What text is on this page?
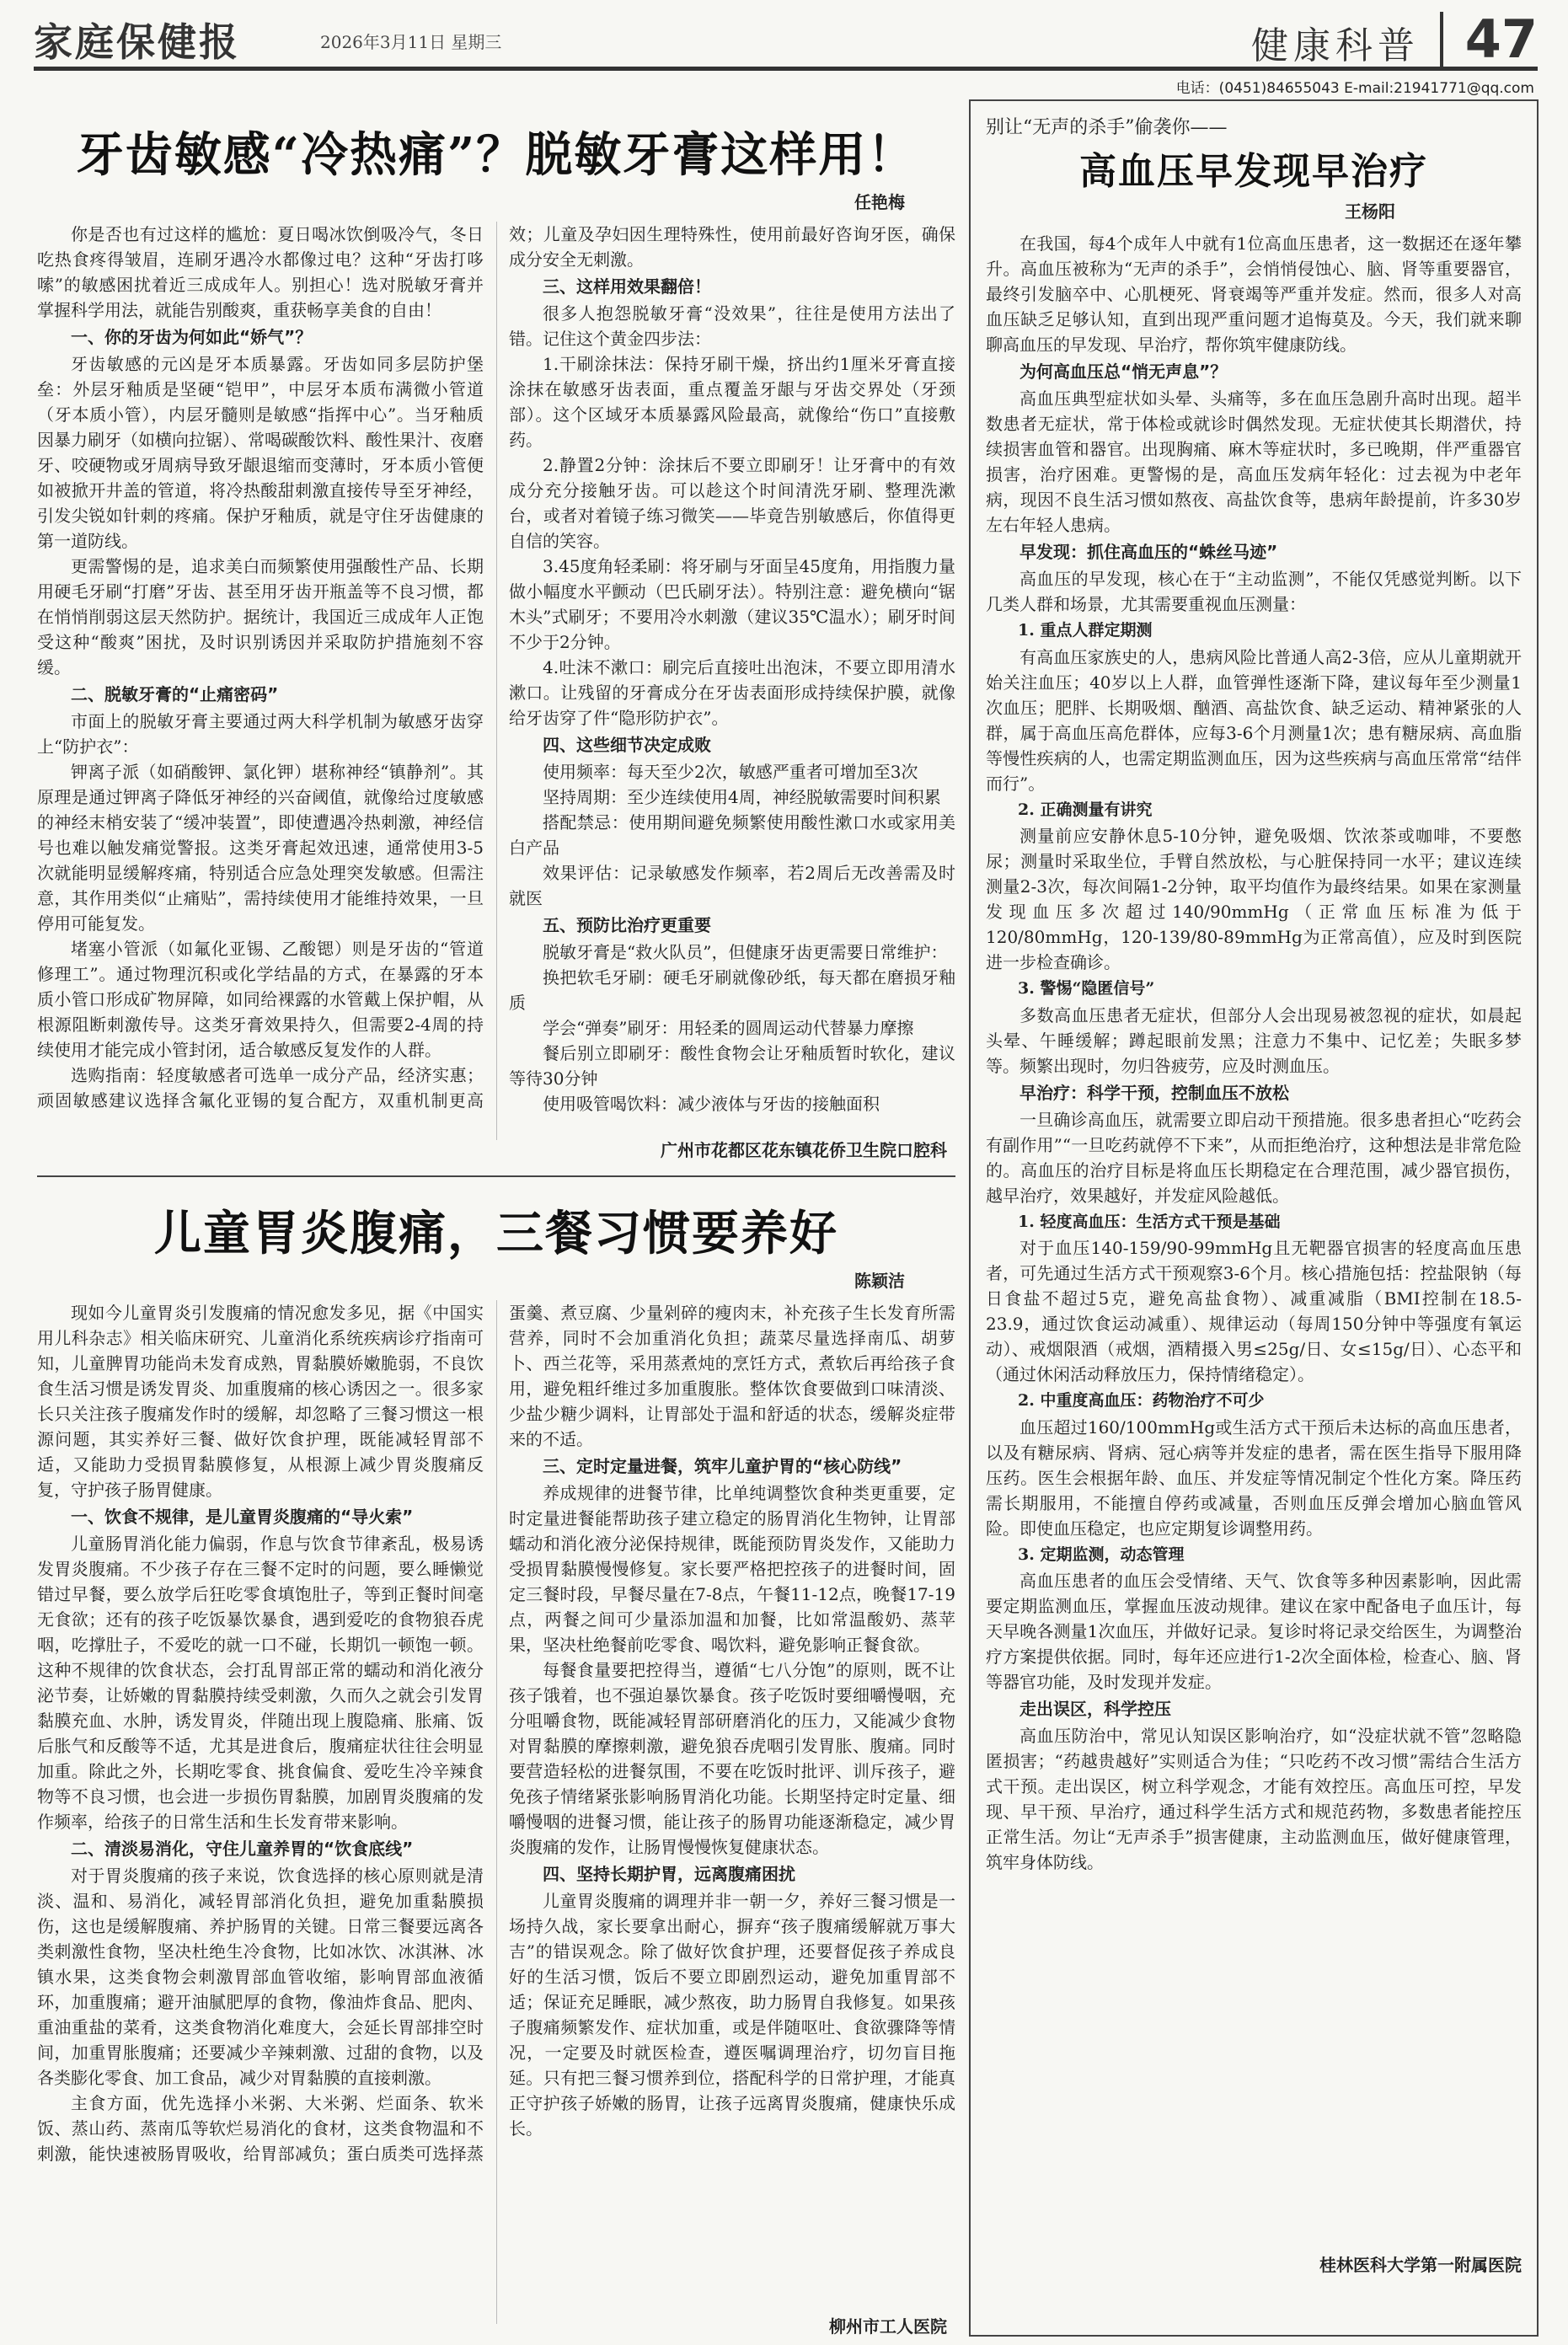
家庭保健报	2026年3月11日 星期三	健康科普 47
电话：(0451)84655043 E-mail:21941771@qq.com
牙齿敏感“冷热痛”？脱敏牙膏这样用！
任艳梅

你是否也有过这样的尴尬：夏日喝冰饮倒吸冷气，冬日吃热食疼得皱眉，连刷牙遇冷水都像过电？这种“牙齿打哆嗦”的敏感困扰着近三成成年人。别担心！选对脱敏牙膏并掌握科学用法，就能告别酸爽，重获畅享美食的自由！

一、你的牙齿为何如此“娇气”？

牙齿敏感的元凶是牙本质暴露。牙齿如同多层防护堡垒：外层牙釉质是坚硬“铠甲”，中层牙本质布满微小管道（牙本质小管），内层牙髓则是敏感“指挥中心”。当牙釉质因暴力刷牙（如横向拉锯）、常喝碳酸饮料、酸性果汁、夜磨牙、咬硬物或牙周病导致牙龈退缩而变薄时，牙本质小管便如被掀开井盖的管道，将冷热酸甜刺激直接传导至牙神经，引发尖锐如针刺的疼痛。保护牙釉质，就是守住牙齿健康的第一道防线。

更需警惕的是，追求美白而频繁使用强酸性产品、长期用硬毛牙刷“打磨”牙齿、甚至用牙齿开瓶盖等不良习惯，都在悄悄削弱这层天然防护。据统计，我国近三成成年人正饱受这种“酸爽”困扰，及时识别诱因并采取防护措施刻不容缓。

二、脱敏牙膏的“止痛密码”

市面上的脱敏牙膏主要通过两大科学机制为敏感牙齿穿上“防护衣”：

钾离子派（如硝酸钾、氯化钾）堪称神经“镇静剂”。其原理是通过钾离子降低牙神经的兴奋阈值，就像给过度敏感的神经末梢安装了“缓冲装置”，即使遭遇冷热刺激，神经信号也难以触发痛觉警报。这类牙膏起效迅速，通常使用3-5次就能明显缓解疼痛，特别适合应急处理突发敏感。但需注意，其作用类似“止痛贴”，需持续使用才能维持效果，一旦停用可能复发。

堵塞小管派（如氟化亚锡、乙酸锶）则是牙齿的“管道修理工”。通过物理沉积或化学结晶的方式，在暴露的牙本质小管口形成矿物屏障，如同给裸露的水管戴上保护帽，从根源阻断刺激传导。这类牙膏效果持久，但需要2-4周的持续使用才能完成小管封闭，适合敏感反复发作的人群。

选购指南：轻度敏感者可选单一成分产品，经济实惠；顽固敏感建议选择含氟化亚锡的复合配方，双重机制更高效；儿童及孕妇因生理特殊性，使用前最好咨询牙医，确保成分安全无刺激。

三、这样用效果翻倍！

很多人抱怨脱敏牙膏“没效果”，往往是使用方法出了错。记住这个黄金四步法：

1.干刷涂抹法：保持牙刷干燥，挤出约1厘米牙膏直接涂抹在敏感牙齿表面，重点覆盖牙龈与牙齿交界处（牙颈部）。这个区域牙本质暴露风险最高，就像给“伤口”直接敷药。

2.静置2分钟：涂抹后不要立即刷牙！让牙膏中的有效成分充分接触牙齿。可以趁这个时间清洗牙刷、整理洗漱台，或者对着镜子练习微笑——毕竟告别敏感后，你值得更自信的笑容。

3.45度角轻柔刷：将牙刷与牙面呈45度角，用指腹力量做小幅度水平颤动（巴氏刷牙法）。特别注意：避免横向“锯木头”式刷牙；不要用冷水刺激（建议35℃温水）；刷牙时间不少于2分钟。

4.吐沫不漱口：刷完后直接吐出泡沫，不要立即用清水漱口。让残留的牙膏成分在牙齿表面形成持续保护膜，就像给牙齿穿了件“隐形防护衣”。

四、这些细节决定成败

使用频率：每天至少2次，敏感严重者可增加至3次

坚持周期：至少连续使用4周，神经脱敏需要时间积累

搭配禁忌：使用期间避免频繁使用酸性漱口水或家用美白产品

效果评估：记录敏感发作频率，若2周后无改善需及时就医

五、预防比治疗更重要

脱敏牙膏是“救火队员”，但健康牙齿更需要日常维护：

换把软毛牙刷：硬毛牙刷就像砂纸，每天都在磨损牙釉质

学会“弹奏”刷牙：用轻柔的圆周运动代替暴力摩擦

餐后别立即刷牙：酸性食物会让牙釉质暂时软化，建议等待30分钟

使用吸管喝饮料：减少液体与牙齿的接触面积

广州市花都区花东镇花侨卫生院口腔科
儿童胃炎腹痛，三餐习惯要养好
陈颖洁

现如今儿童胃炎引发腹痛的情况愈发多见，据《中国实用儿科杂志》相关临床研究、儿童消化系统疾病诊疗指南可知，儿童脾胃功能尚未发育成熟，胃黏膜娇嫩脆弱，不良饮食生活习惯是诱发胃炎、加重腹痛的核心诱因之一。很多家长只关注孩子腹痛发作时的缓解，却忽略了三餐习惯这一根源问题，其实养好三餐、做好饮食护理，既能减轻胃部不适，又能助力受损胃黏膜修复，从根源上减少胃炎腹痛反复，守护孩子肠胃健康。

一、饮食不规律，是儿童胃炎腹痛的“导火索”

儿童肠胃消化能力偏弱，作息与饮食节律紊乱，极易诱发胃炎腹痛。不少孩子存在三餐不定时的问题，要么睡懒觉错过早餐，要么放学后狂吃零食填饱肚子，等到正餐时间毫无食欲；还有的孩子吃饭暴饮暴食，遇到爱吃的食物狼吞虎咽，吃撑肚子，不爱吃的就一口不碰，长期饥一顿饱一顿。这种不规律的饮食状态，会打乱胃部正常的蠕动和消化液分泌节奏，让娇嫩的胃黏膜持续受刺激，久而久之就会引发胃黏膜充血、水肿，诱发胃炎，伴随出现上腹隐痛、胀痛、饭后胀气和反酸等不适，尤其是进食后，腹痛症状往往会明显加重。除此之外，长期吃零食、挑食偏食、爱吃生冷辛辣食物等不良习惯，也会进一步损伤胃黏膜，加剧胃炎腹痛的发作频率，给孩子的日常生活和生长发育带来影响。

二、清淡易消化，守住儿童养胃的“饮食底线”

对于胃炎腹痛的孩子来说，饮食选择的核心原则就是清淡、温和、易消化，减轻胃部消化负担，避免加重黏膜损伤，这也是缓解腹痛、养护肠胃的关键。日常三餐要远离各类刺激性食物，坚决杜绝生冷食物，比如冰饮、冰淇淋、冰镇水果，这类食物会刺激胃部血管收缩，影响胃部血液循环，加重腹痛；避开油腻肥厚的食物，像油炸食品、肥肉、重油重盐的菜肴，这类食物消化难度大，会延长胃部排空时间，加重胃胀腹痛；还要减少辛辣刺激、过甜的食物，以及各类膨化零食、加工食品，减少对胃黏膜的直接刺激。

主食方面，优先选择小米粥、大米粥、烂面条、软米饭、蒸山药、蒸南瓜等软烂易消化的食材，这类食物温和不刺激，能快速被肠胃吸收，给胃部减负；蛋白质类可选择蒸蛋羹、煮豆腐、少量剁碎的瘦肉末，补充孩子生长发育所需营养，同时不会加重消化负担；蔬菜尽量选择南瓜、胡萝卜、西兰花等，采用蒸煮炖的烹饪方式，煮软后再给孩子食用，避免粗纤维过多加重腹胀。整体饮食要做到口味清淡、少盐少糖少调料，让胃部处于温和舒适的状态，缓解炎症带来的不适。

三、定时定量进餐，筑牢儿童护胃的“核心防线”

养成规律的进餐节律，比单纯调整饮食种类更重要，定时定量进餐能帮助孩子建立稳定的肠胃消化生物钟，让胃部蠕动和消化液分泌保持规律，既能预防胃炎发作，又能助力受损胃黏膜慢慢修复。家长要严格把控孩子的进餐时间，固定三餐时段，早餐尽量在7-8点，午餐11-12点，晚餐17-19点，两餐之间可少量添加温和加餐，比如常温酸奶、蒸苹果，坚决杜绝餐前吃零食、喝饮料，避免影响正餐食欲。

每餐食量要把控得当，遵循“七八分饱”的原则，既不让孩子饿着，也不强迫暴饮暴食。孩子吃饭时要细嚼慢咽，充分咀嚼食物，既能减轻胃部研磨消化的压力，又能减少食物对胃黏膜的摩擦刺激，避免狼吞虎咽引发胃胀、腹痛。同时要营造轻松的进餐氛围，不要在吃饭时批评、训斥孩子，避免孩子情绪紧张影响肠胃消化功能。长期坚持定时定量、细嚼慢咽的进餐习惯，能让孩子的肠胃功能逐渐稳定，减少胃炎腹痛的发作，让肠胃慢慢恢复健康状态。

四、坚持长期护胃，远离腹痛困扰

儿童胃炎腹痛的调理并非一朝一夕，养好三餐习惯是一场持久战，家长要拿出耐心，摒弃“孩子腹痛缓解就万事大吉”的错误观念。除了做好饮食护理，还要督促孩子养成良好的生活习惯，饭后不要立即剧烈运动，避免加重胃部不适；保证充足睡眠，减少熬夜，助力肠胃自我修复。如果孩子腹痛频繁发作、症状加重，或是伴随呕吐、食欲骤降等情况，一定要及时就医检查，遵医嘱调理治疗，切勿盲目拖延。只有把三餐习惯养到位，搭配科学的日常护理，才能真正守护孩子娇嫩的肠胃，让孩子远离胃炎腹痛，健康快乐成长。

柳州市工人医院
别让“无声的杀手”偷袭你——
高血压早发现早治疗
王杨阳

在我国，每4个成年人中就有1位高血压患者，这一数据还在逐年攀升。高血压被称为“无声的杀手”，会悄悄侵蚀心、脑、肾等重要器官，最终引发脑卒中、心肌梗死、肾衰竭等严重并发症。然而，很多人对高血压缺乏足够认知，直到出现严重问题才追悔莫及。今天，我们就来聊聊高血压的早发现、早治疗，帮你筑牢健康防线。

为何高血压总“悄无声息”？

高血压典型症状如头晕、头痛等，多在血压急剧升高时出现。超半数患者无症状，常于体检或就诊时偶然发现。无症状使其长期潜伏，持续损害血管和器官。出现胸痛、麻木等症状时，多已晚期，伴严重器官损害，治疗困难。更警惕的是，高血压发病年轻化：过去视为中老年病，现因不良生活习惯如熬夜、高盐饮食等，患病年龄提前，许多30岁左右年轻人患病。

早发现：抓住高血压的“蛛丝马迹”

高血压的早发现，核心在于“主动监测”，不能仅凭感觉判断。以下几类人群和场景，尤其需要重视血压测量：

1. 重点人群定期测

有高血压家族史的人，患病风险比普通人高2-3倍，应从儿童期就开始关注血压；40岁以上人群，血管弹性逐渐下降，建议每年至少测量1次血压；肥胖、长期吸烟、酗酒、高盐饮食、缺乏运动、精神紧张的人群，属于高血压高危群体，应每3-6个月测量1次；患有糖尿病、高血脂等慢性疾病的人，也需定期监测血压，因为这些疾病与高血压常常“结伴而行”。

2. 正确测量有讲究

测量前应安静休息5-10分钟，避免吸烟、饮浓茶或咖啡，不要憋尿；测量时采取坐位，手臂自然放松，与心脏保持同一水平；建议连续测量2-3次，每次间隔1-2分钟，取平均值作为最终结果。如果在家测量发现血压多次超过140/90mmHg（正常血压标准为低于120/80mmHg，120-139/80-89mmHg为正常高值），应及时到医院进一步检查确诊。

3. 警惕“隐匿信号”

多数高血压患者无症状，但部分人会出现易被忽视的症状，如晨起头晕、午睡缓解；蹲起眼前发黑；注意力不集中、记忆差；失眠多梦等。频繁出现时，勿归咎疲劳，应及时测血压。

早治疗：科学干预，控制血压不放松

一旦确诊高血压，就需要立即启动干预措施。很多患者担心“吃药会有副作用”“一旦吃药就停不下来”，从而拒绝治疗，这种想法是非常危险的。高血压的治疗目标是将血压长期稳定在合理范围，减少器官损伤，越早治疗，效果越好，并发症风险越低。

1. 轻度高血压：生活方式干预是基础

对于血压140-159/90-99mmHg且无靶器官损害的轻度高血压患者，可先通过生活方式干预观察3-6个月。核心措施包括：控盐限钠（每日食盐不超过5克，避免高盐食物）、减重减脂（BMI控制在18.5-23.9，通过饮食运动减重）、规律运动（每周150分钟中等强度有氧运动）、戒烟限酒（戒烟，酒精摄入男≤25g/日、女≤15g/日）、心态平和（通过休闲活动释放压力，保持情绪稳定）。

2. 中重度高血压：药物治疗不可少

血压超过160/100mmHg或生活方式干预后未达标的高血压患者，以及有糖尿病、肾病、冠心病等并发症的患者，需在医生指导下服用降压药。医生会根据年龄、血压、并发症等情况制定个性化方案。降压药需长期服用，不能擅自停药或减量，否则血压反弹会增加心脑血管风险。即使血压稳定，也应定期复诊调整用药。

3. 定期监测，动态管理

高血压患者的血压会受情绪、天气、饮食等多种因素影响，因此需要定期监测血压，掌握血压波动规律。建议在家中配备电子血压计，每天早晚各测量1次血压，并做好记录。复诊时将记录交给医生，为调整治疗方案提供依据。同时，每年还应进行1-2次全面体检，检查心、脑、肾等器官功能，及时发现并发症。

走出误区，科学控压

高血压防治中，常见认知误区影响治疗，如“没症状就不管”忽略隐匿损害；“药越贵越好”实则适合为佳；“只吃药不改习惯”需结合生活方式干预。走出误区，树立科学观念，才能有效控压。高血压可控，早发现、早干预、早治疗，通过科学生活方式和规范药物，多数患者能控压正常生活。勿让“无声杀手”损害健康，主动监测血压，做好健康管理，筑牢身体防线。

桂林医科大学第一附属医院
